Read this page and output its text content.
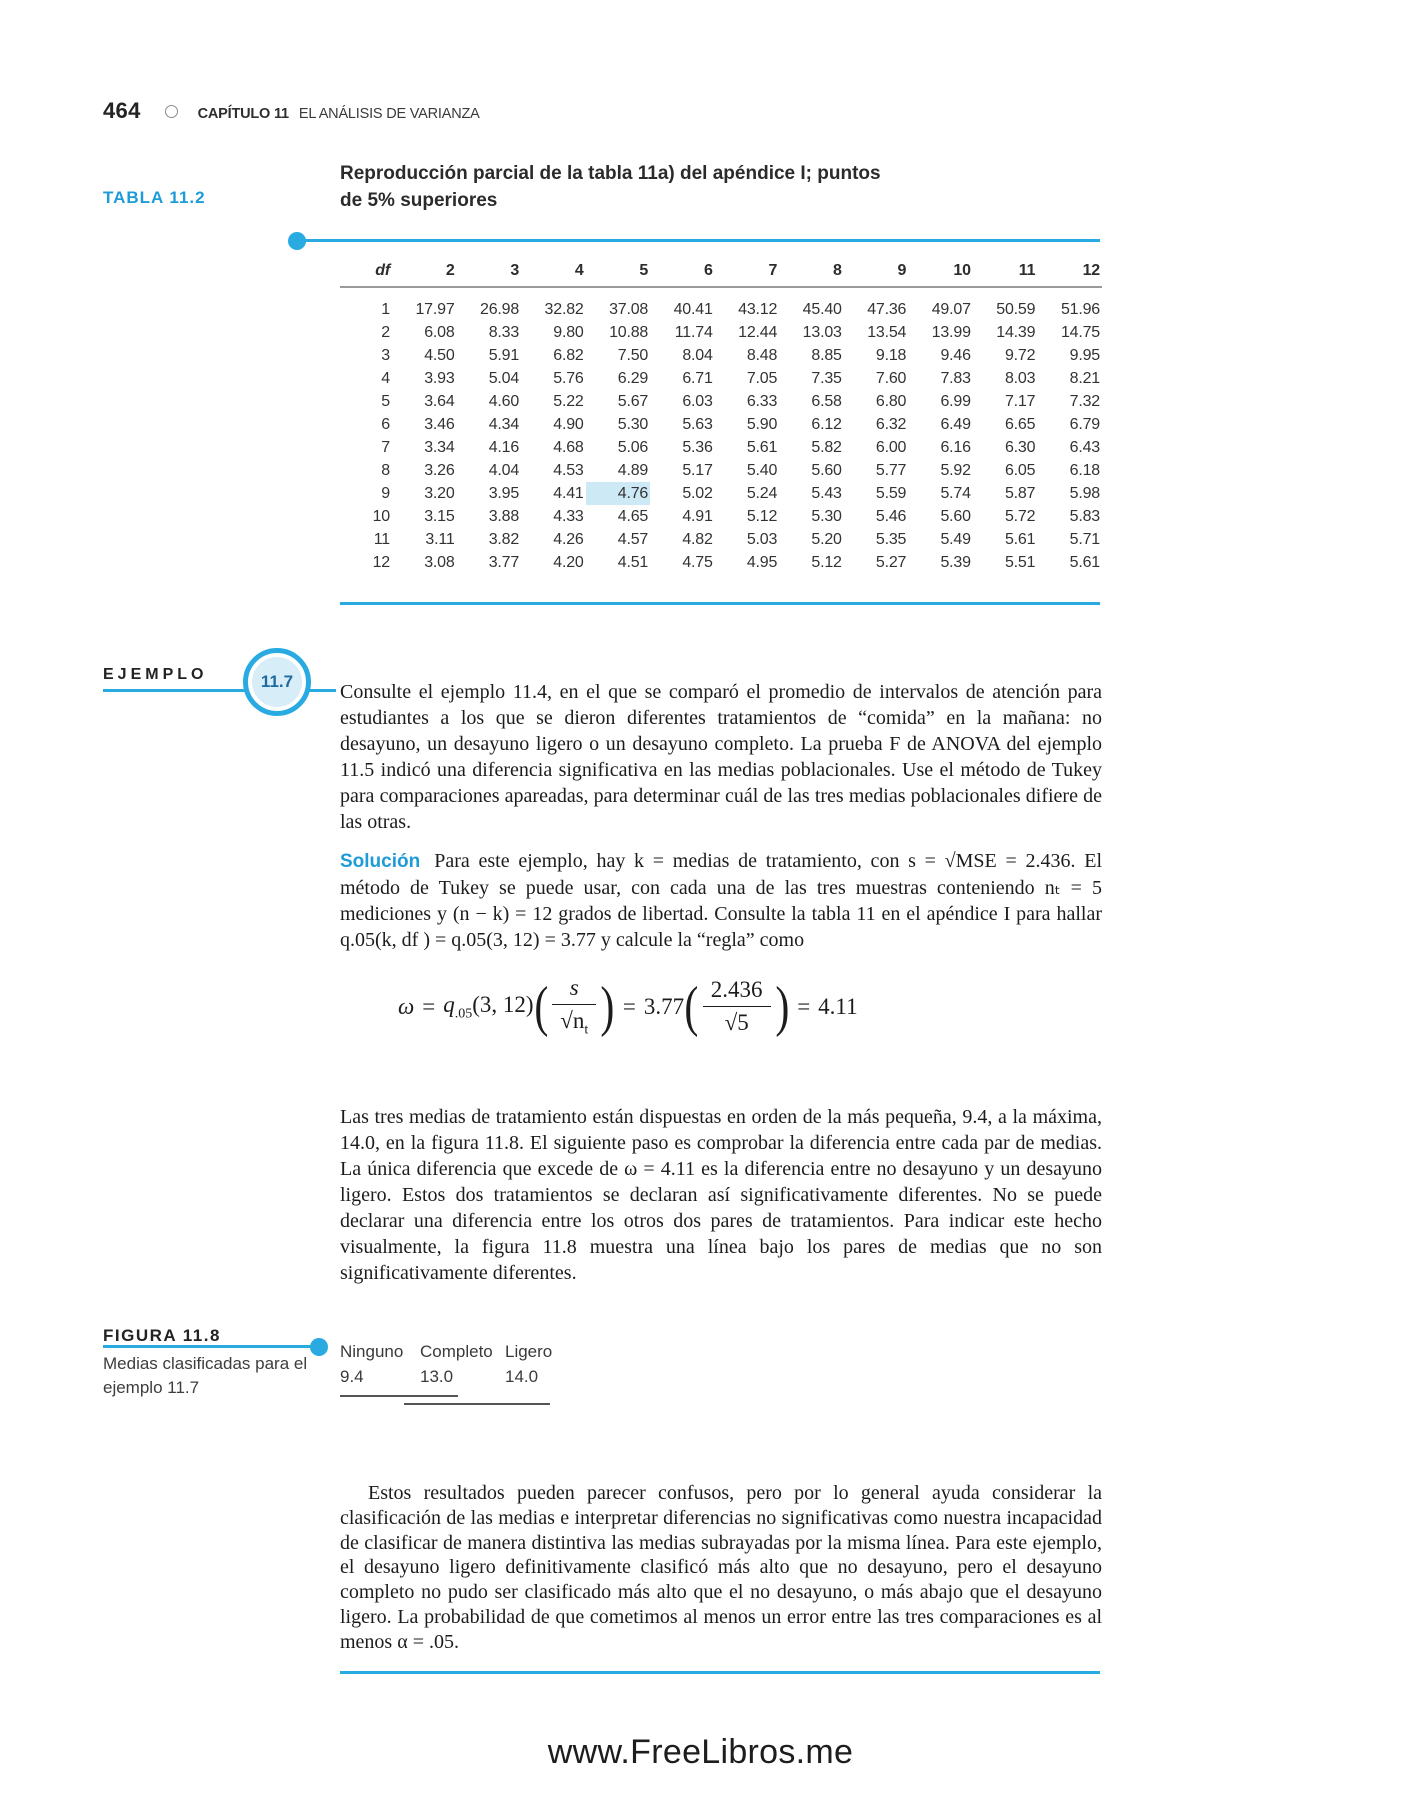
464	CAPÍTULO 11 EL ANÁLISIS DE VARIANZA
TABLA 11.2
Reproducción parcial de la tabla 11a) del apéndice I; puntos
de 5% superiores
df	2	3	4	5	6	7	8	9	10	11	12
1	17.97	26.98	32.82	37.08	40.41	43.12	45.40	47.36	49.07	50.59	51.96
2	6.08	8.33	9.80	10.88	11.74	12.44	13.03	13.54	13.99	14.39	14.75
3	4.50	5.91	6.82	7.50	8.04	8.48	8.85	9.18	9.46	9.72	9.95
4	3.93	5.04	5.76	6.29	6.71	7.05	7.35	7.60	7.83	8.03	8.21
5	3.64	4.60	5.22	5.67	6.03	6.33	6.58	6.80	6.99	7.17	7.32
6	3.46	4.34	4.90	5.30	5.63	5.90	6.12	6.32	6.49	6.65	6.79
7	3.34	4.16	4.68	5.06	5.36	5.61	5.82	6.00	6.16	6.30	6.43
8	3.26	4.04	4.53	4.89	5.17	5.40	5.60	5.77	5.92	6.05	6.18
9	3.20	3.95	4.41	4.76	5.02	5.24	5.43	5.59	5.74	5.87	5.98
10	3.15	3.88	4.33	4.65	4.91	5.12	5.30	5.46	5.60	5.72	5.83
11	3.11	3.82	4.26	4.57	4.82	5.03	5.20	5.35	5.49	5.61	5.71
12	3.08	3.77	4.20	4.51	4.75	4.95	5.12	5.27	5.39	5.51	5.61
EJEMPLO	11.7	Consulte el ejemplo 11.4, en el que se comparó el promedio de intervalos de atención para estudiantes a los que se dieron diferentes tratamientos de “comida” en la mañana: no desayuno, un desayuno ligero o un desayuno completo. La prueba F de ANOVA del ejemplo 11.5 indicó una diferencia significativa en las medias poblacionales. Use el método de Tukey para comparaciones apareadas, para determinar cuál de las tres medias poblacionales difiere de las otras.

Solución Para este ejemplo, hay k = medias de tratamiento, con s = √MSE = 2.436. El método de Tukey se puede usar, con cada una de las tres muestras conteniendo nₜ = 5 mediciones y (n − k) = 12 grados de libertad. Consulte la tabla 11 en el apéndice I para hallar q.05(k, df ) = q.05(3, 12) = 3.77 y calcule la “regla” como

$\omega = q_{.05}(3$, 12) ( $\frac{s}{√n_t}$ ) = 3.77 ( $\frac{2.436}{√5}$ ) = 4.11

Las tres medias de tratamiento están dispuestas en orden de la más pequeña, 9.4, a la máxima, 14.0, en la figura 11.8. El siguiente paso es comprobar la diferencia entre cada par de medias. La única diferencia que excede de ω = 4.11 es la diferencia entre no desayuno y un desayuno ligero. Estos dos tratamientos se declaran así significativamente diferentes. No se puede declarar una diferencia entre los otros dos pares de tratamientos. Para indicar este hecho visualmente, la figura 11.8 muestra una línea bajo los pares de medias que no son significativamente diferentes.

FIGURA 11.8
Medias clasificadas para el
ejemplo 11.7
Ninguno Completo Ligero
9.4	13.0	14.0

Estos resultados pueden parecer confusos, pero por lo general ayuda considerar la clasificación de las medias e interpretar diferencias no significativas como nuestra incapacidad de clasificar de manera distintiva las medias subrayadas por la misma línea. Para este ejemplo, el desayuno ligero definitivamente clasificó más alto que no desayuno, pero el desayuno completo no pudo ser clasificado más alto que el no desayuno, o más abajo que el desayuno ligero. La probabilidad de que cometimos al menos un error entre las tres comparaciones es al menos α = .05.

www.FreeLibros.me
